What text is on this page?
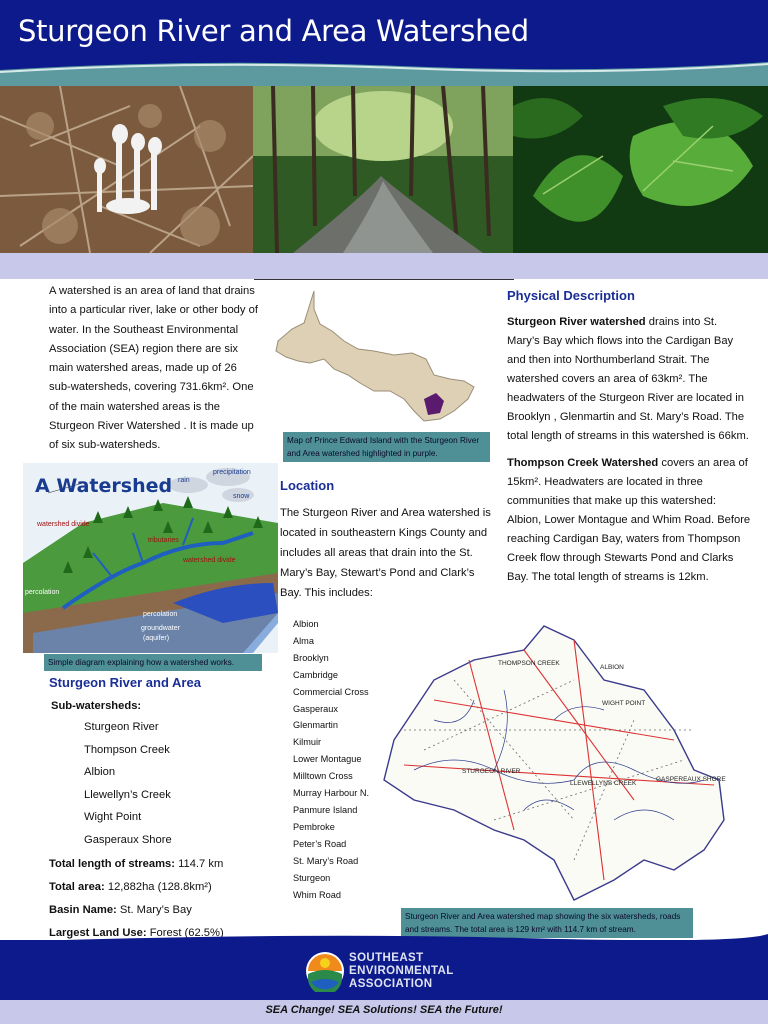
Sturgeon River and Area Watershed
A watershed is an area of land that drains into a particular river, lake or other body of water. In the Southeast Environmental Association (SEA) region there are six main watershed areas, made up of 26 sub-watersheds, covering 731.6km². One of the main watershed areas is the Sturgeon River Watershed . It is made up of six sub-watersheds.	Map of Prince Edward Island with the Sturgeon River and Area watershed highlighted in purple.
A Watershed rain
precipitation
snow
watershed divide
tributaries
watershed divide
percolation
percolation
groundwater
(aquifer)
Simple diagram explaining how a watershed works.
Location

The Sturgeon River and Area watershed is located in southeastern Kings County and includes all areas that drain into the St. Mary’s Bay, Stewart’s Pond and Clark’s Bay. This includes:

Albion
Alma
Brooklyn
Cambridge
Commercial Cross
Gasperaux
Glenmartin
Kilmuir
Lower Montague
Milltown Cross
Murray Harbour N.
Panmure Island
Pembroke
Peter’s Road
St. Mary’s Road
Sturgeon
Whim Road
Physical Description

Sturgeon River watershed drains into St. Mary’s Bay which flows into the Cardigan Bay and then into Northumberland Strait. The watershed covers an area of 63km². The headwaters of the Sturgeon River are located in Brooklyn , Glenmartin and St. Mary’s Road. The total length of streams in this watershed is 66km.

Thompson Creek Watershed covers an area of 15km². Headwaters are located in three communities that make up this watershed: Albion, Lower Montague and Whim Road. Before reaching Cardigan Bay, waters from Thompson Creek flow through Stewarts Pond and Clarks Bay. The total length of streams is 12km.

THOMPSON CREEK
ALBION
WIGHT POINT
STURGEON RIVER
LLEWELLYNS CREEK
GASPEREAUX SHORE
Sturgeon River and Area watershed map showing the six watersheds, roads and streams. The total area is 129 km² with 114.7 km of stream.
Sturgeon River and Area
Sub-watersheds:
Sturgeon River
Thompson Creek
Albion
Llewellyn’s Creek
Wight Point
Gasperaux Shore
Total length of streams: 114.7 km
Total area: 12,882ha (128.8km²)
Basin Name: St. Mary’s Bay
Largest Land Use: Forest (62.5%)
SOUTHEAST
ENVIRONMENTAL
ASSOCIATION
SEA Change! SEA Solutions! SEA the Future!
